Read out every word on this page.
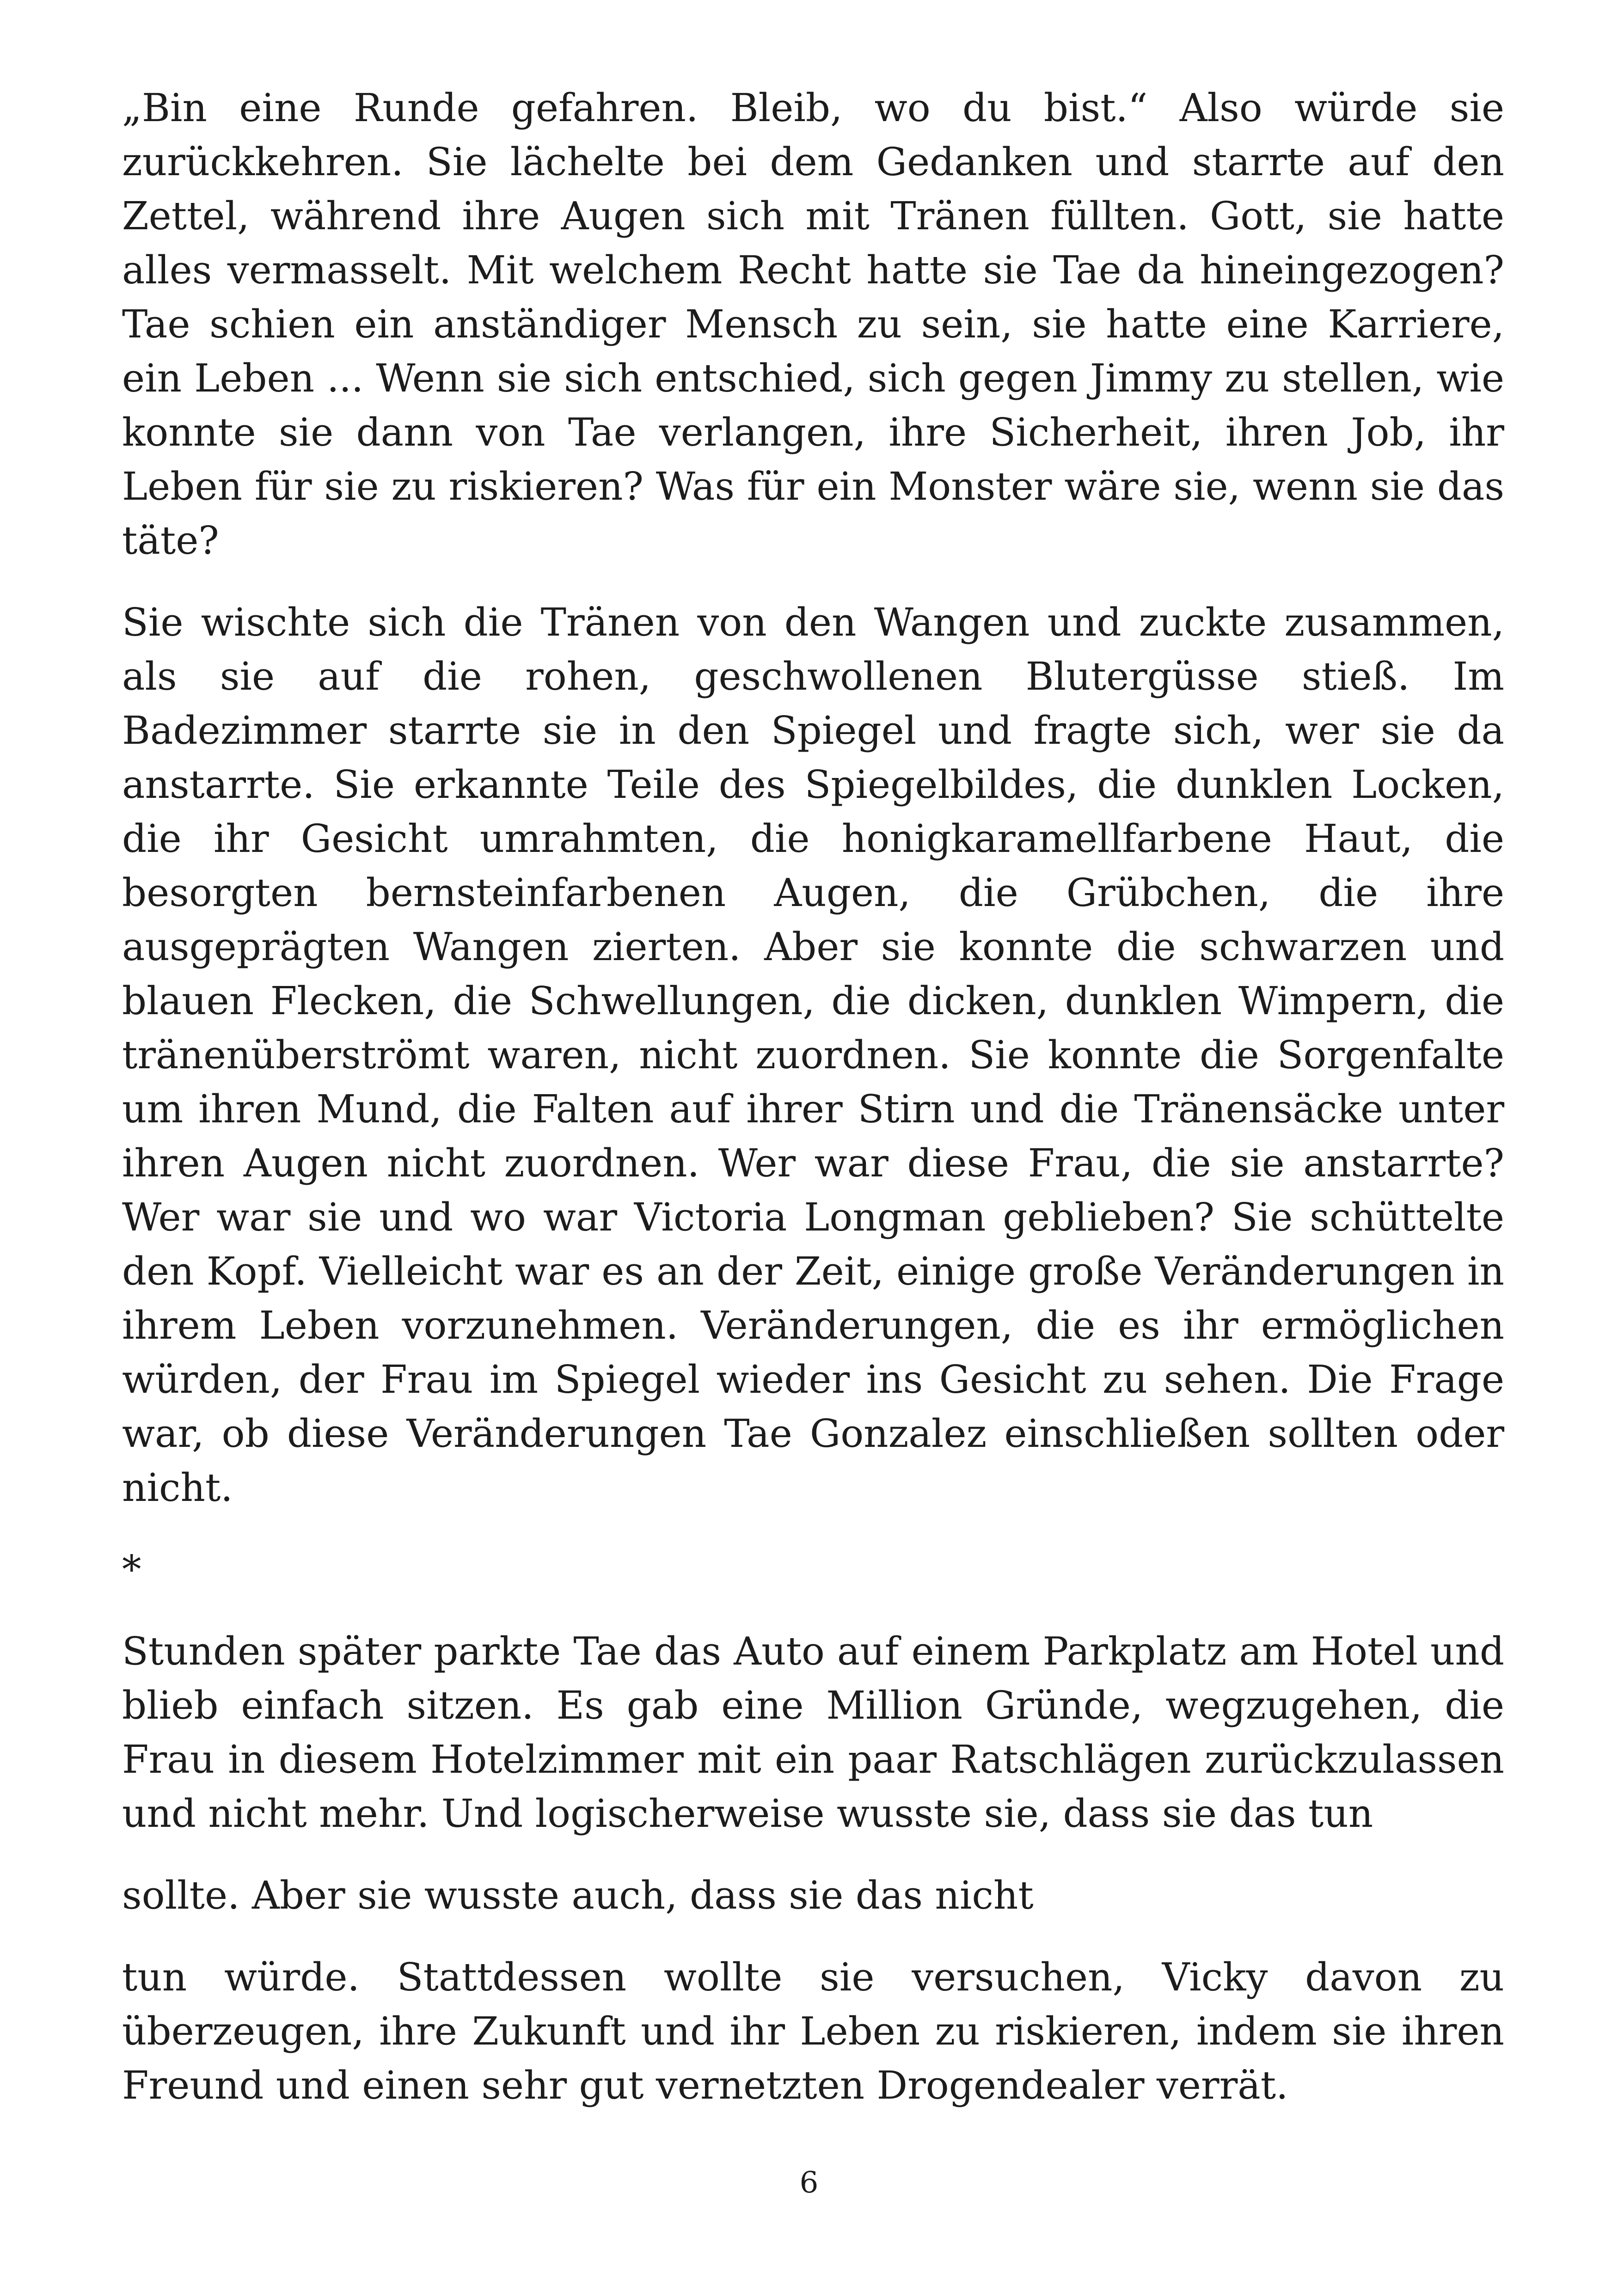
„Bin eine Runde gefahren. Bleib, wo du bist.“ Also würde sie zurückkehren. Sie lächelte bei dem Gedanken und starrte auf den Zettel, während ihre Augen sich mit Tränen füllten. Gott, sie hatte alles vermasselt. Mit welchem Recht hatte sie Tae da hineingezogen? Tae schien ein anständiger Mensch zu sein, sie hatte eine Karriere, ein Leben ... Wenn sie sich entschied, sich gegen Jimmy zu stellen, wie konnte sie dann von Tae verlangen, ihre Sicherheit, ihren Job, ihr Leben für sie zu riskieren? Was für ein Monster wäre sie, wenn sie das täte?

Sie wischte sich die Tränen von den Wangen und zuckte zusammen, als sie auf die rohen, geschwollenen Blutergüsse stieß. Im Badezimmer starrte sie in den Spiegel und fragte sich, wer sie da anstarrte. Sie erkannte Teile des Spiegelbildes, die dunklen Locken, die ihr Gesicht umrahmten, die honigkaramellfarbene Haut, die besorgten bernsteinfarbenen Augen, die Grübchen, die ihre ausgeprägten Wangen zierten. Aber sie konnte die schwarzen und blauen Flecken, die Schwellungen, die dicken, dunklen Wimpern, die tränenüberströmt waren, nicht zuordnen. Sie konnte die Sorgenfalte um ihren Mund, die Falten auf ihrer Stirn und die Tränensäcke unter ihren Augen nicht zuordnen. Wer war diese Frau, die sie anstarrte? Wer war sie und wo war Victoria Longman geblieben? Sie schüttelte den Kopf. Vielleicht war es an der Zeit, einige große Veränderungen in ihrem Leben vorzunehmen. Veränderungen, die es ihr ermöglichen würden, der Frau im Spiegel wieder ins Gesicht zu sehen. Die Frage war, ob diese Veränderungen Tae Gonzalez einschließen sollten oder nicht.

*

Stunden später parkte Tae das Auto auf einem Parkplatz am Hotel und blieb einfach sitzen. Es gab eine Million Gründe, wegzugehen, die Frau in diesem Hotelzimmer mit ein paar Ratschlägen zurückzulassen und nicht mehr. Und logischerweise wusste sie, dass sie das tun

sollte. Aber sie wusste auch, dass sie das nicht

tun würde. Stattdessen wollte sie versuchen, Vicky davon zu überzeugen, ihre Zukunft und ihr Leben zu riskieren, indem sie ihren Freund und einen sehr gut vernetzten Drogendealer verrät.

6
